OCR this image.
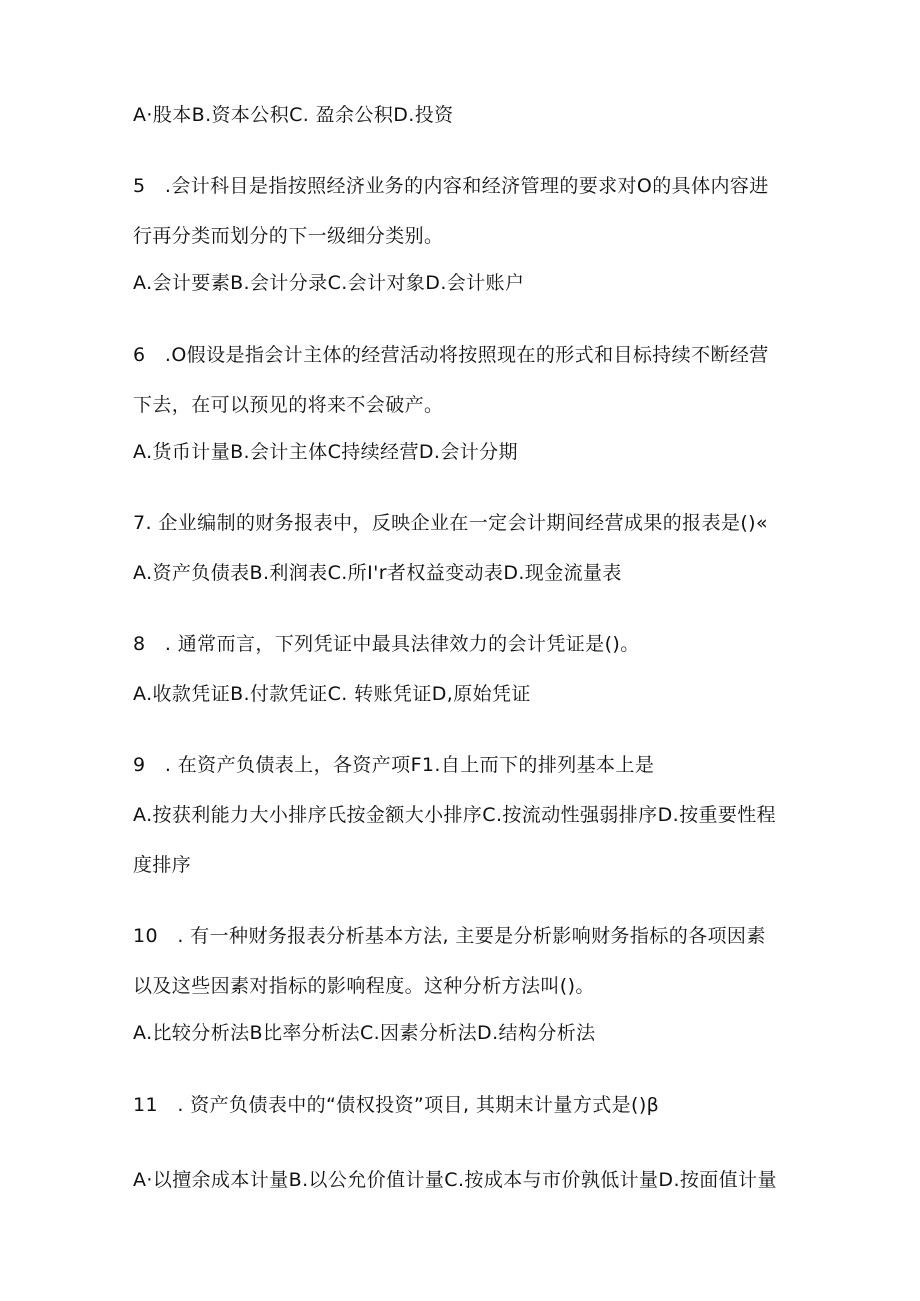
A·股本B.资本公积C. 盈余公积D.投资
5 .会计科目是指按照经济业务的内容和经济管理的要求对O的具体内容进
行再分类而划分的下一级细分类别。
A.会计要素B.会计分录C.会计对象D.会计账户
6 .O假设是指会计主体的经营活动将按照现在的形式和目标持续不断经营
下去，在可以预见的将来不会破产。
A.货币计量B.会计主体C持续经营D.会计分期
7. 企业编制的财务报表中，反映企业在一定会计期间经营成果的报表是()«
A.资产负债表B.利润表C.所I'r者权益变动表D.现金流量表
8 . 通常而言，下列凭证中最具法律效力的会计凭证是()。
A.收款凭证B.付款凭证C. 转账凭证D,原始凭证
9 . 在资产负债表上，各资产项F1.自上而下的排列基本上是
A.按获利能力大小排序氏按金额大小排序C.按流动性强弱排序D.按重要性程
度排序
10 . 有一种财务报表分析基本方法, 主要是分析影响财务指标的各项因素
以及这些因素对指标的影响程度。这种分析方法叫()。
A.比较分析法B比率分析法C.因素分析法D.结构分析法
11 . 资产负债表中的“债权投资”项目, 其期末计量方式是()β
A·以擅余成本计量B.以公允价值计量C.按成本与市价孰低计量D.按面值计量
